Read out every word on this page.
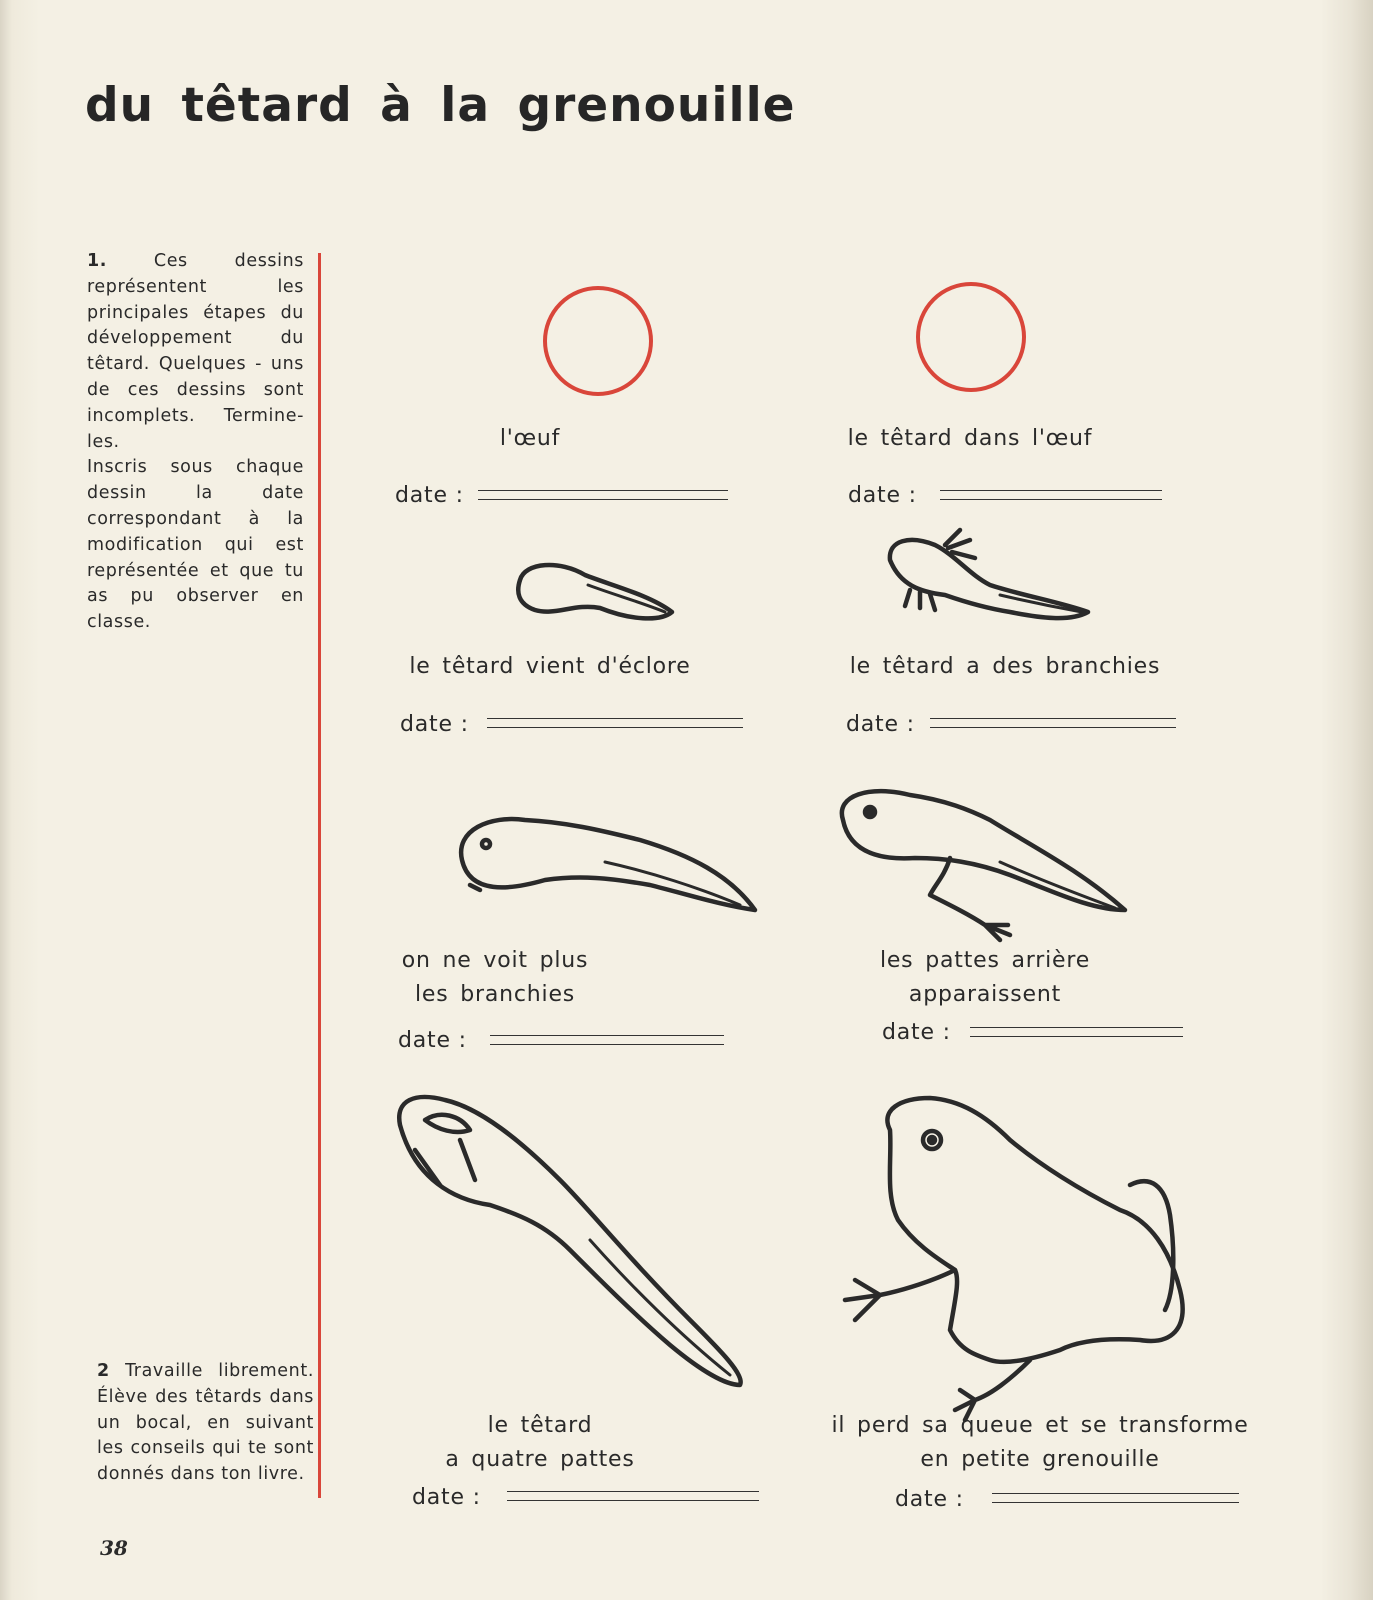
du têtard à la grenouille

1.	Ces dessins représentent les principales étapes du développement du têtard. Quelques - uns de ces dessins sont incomplets. Termine-les.

Inscris sous chaque dessin la date correspondant à la modification qui est représentée et que tu as pu observer en classe.

2 Travaille librement. Élève des têtards dans un bocal, en suivant les conseils qui te sont donnés dans ton livre.

38
l'œuf
date :
le têtard dans l'œuf
date :
le têtard vient d'éclore
date :
le têtard a des branchies
date :
on ne voit plus
les branchies
date :
les pattes arrière
apparaissent
date :
le têtard
a quatre pattes
date :
il perd sa queue et se transforme
en petite grenouille
date :
